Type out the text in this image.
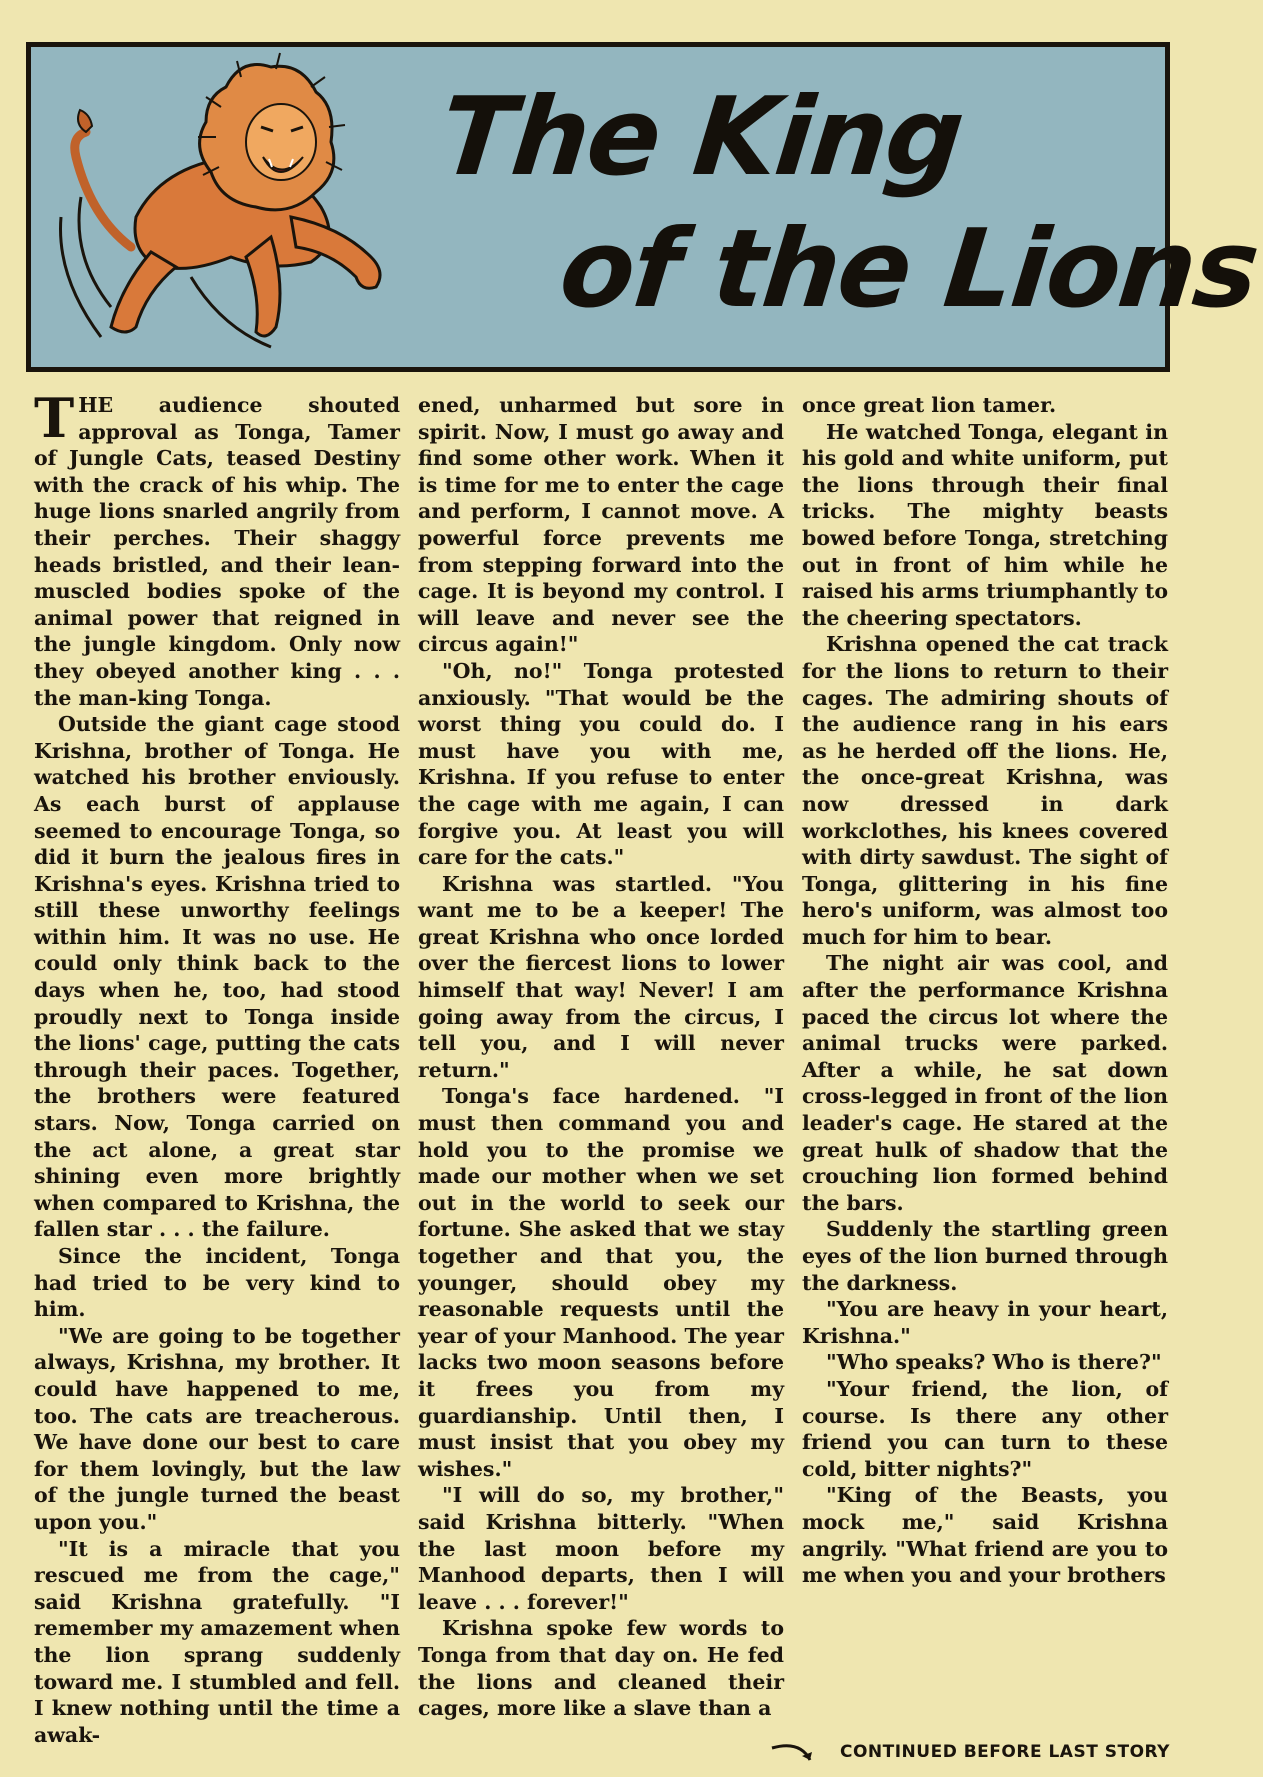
The King
of the Lions

THE audience shouted approval as Tonga, Tamer of Jungle Cats, teased Destiny with the crack of his whip. The huge lions snarled angrily from their perches. Their shaggy heads bristled, and their lean-muscled bodies spoke of the animal power that reigned in the jungle kingdom. Only now they obeyed another king . . . the man-king Tonga.

Outside the giant cage stood Krishna, brother of Tonga. He watched his brother enviously. As each burst of applause seemed to encourage Tonga, so did it burn the jealous fires in Krishna's eyes. Krishna tried to still these unworthy feelings within him. It was no use. He could only think back to the days when he, too, had stood proudly next to Tonga inside the lions' cage, putting the cats through their paces. Together, the brothers were featured stars. Now, Tonga carried on the act alone, a great star shining even more brightly when compared to Krishna, the fallen star . . . the failure.

Since the incident, Tonga had tried to be very kind to him.

"We are going to be together always, Krishna, my brother. It could have happened to me, too. The cats are treacherous. We have done our best to care for them lovingly, but the law of the jungle turned the beast upon you."

"It is a miracle that you rescued me from the cage," said Krishna gratefully. "I remember my amazement when the lion sprang suddenly toward me. I stumbled and fell. I knew nothing until the time a awak-

ened, unharmed but sore in spirit. Now, I must go away and find some other work. When it is time for me to enter the cage and perform, I cannot move. A powerful force prevents me from stepping forward into the cage. It is beyond my control. I will leave and never see the circus again!"

"Oh, no!" Tonga protested anxiously. "That would be the worst thing you could do. I must have you with me, Krishna. If you refuse to enter the cage with me again, I can forgive you. At least you will care for the cats."

Krishna was startled. "You want me to be a keeper! The great Krishna who once lorded over the fiercest lions to lower himself that way! Never! I am going away from the circus, I tell you, and I will never return."

Tonga's face hardened. "I must then command you and hold you to the promise we made our mother when we set out in the world to seek our fortune. She asked that we stay together and that you, the younger, should obey my reasonable requests until the year of your Manhood. The year lacks two moon seasons before it frees you from my guardianship. Until then, I must insist that you obey my wishes."

"I will do so, my brother," said Krishna bitterly. "When the last moon before my Manhood departs, then I will leave . . . forever!"

Krishna spoke few words to Tonga from that day on. He fed the lions and cleaned their cages, more like a slave than a

once great lion tamer.

He watched Tonga, elegant in his gold and white uniform, put the lions through their final tricks. The mighty beasts bowed before Tonga, stretching out in front of him while he raised his arms triumphantly to the cheering spectators.

Krishna opened the cat track for the lions to return to their cages. The admiring shouts of the audience rang in his ears as he herded off the lions. He, the once-great Krishna, was now dressed in dark workclothes, his knees covered with dirty sawdust. The sight of Tonga, glittering in his fine hero's uniform, was almost too much for him to bear.

The night air was cool, and after the performance Krishna paced the circus lot where the animal trucks were parked. After a while, he sat down cross-legged in front of the lion leader's cage. He stared at the great hulk of shadow that the crouching lion formed behind the bars.

Suddenly the startling green eyes of the lion burned through the darkness.

"You are heavy in your heart, Krishna."

"Who speaks? Who is there?"

"Your friend, the lion, of course. Is there any other friend you can turn to these cold, bitter nights?"

"King of the Beasts, you mock me," said Krishna angrily. "What friend are you to me when you and your brothers

CONTINUED BEFORE LAST STORY
